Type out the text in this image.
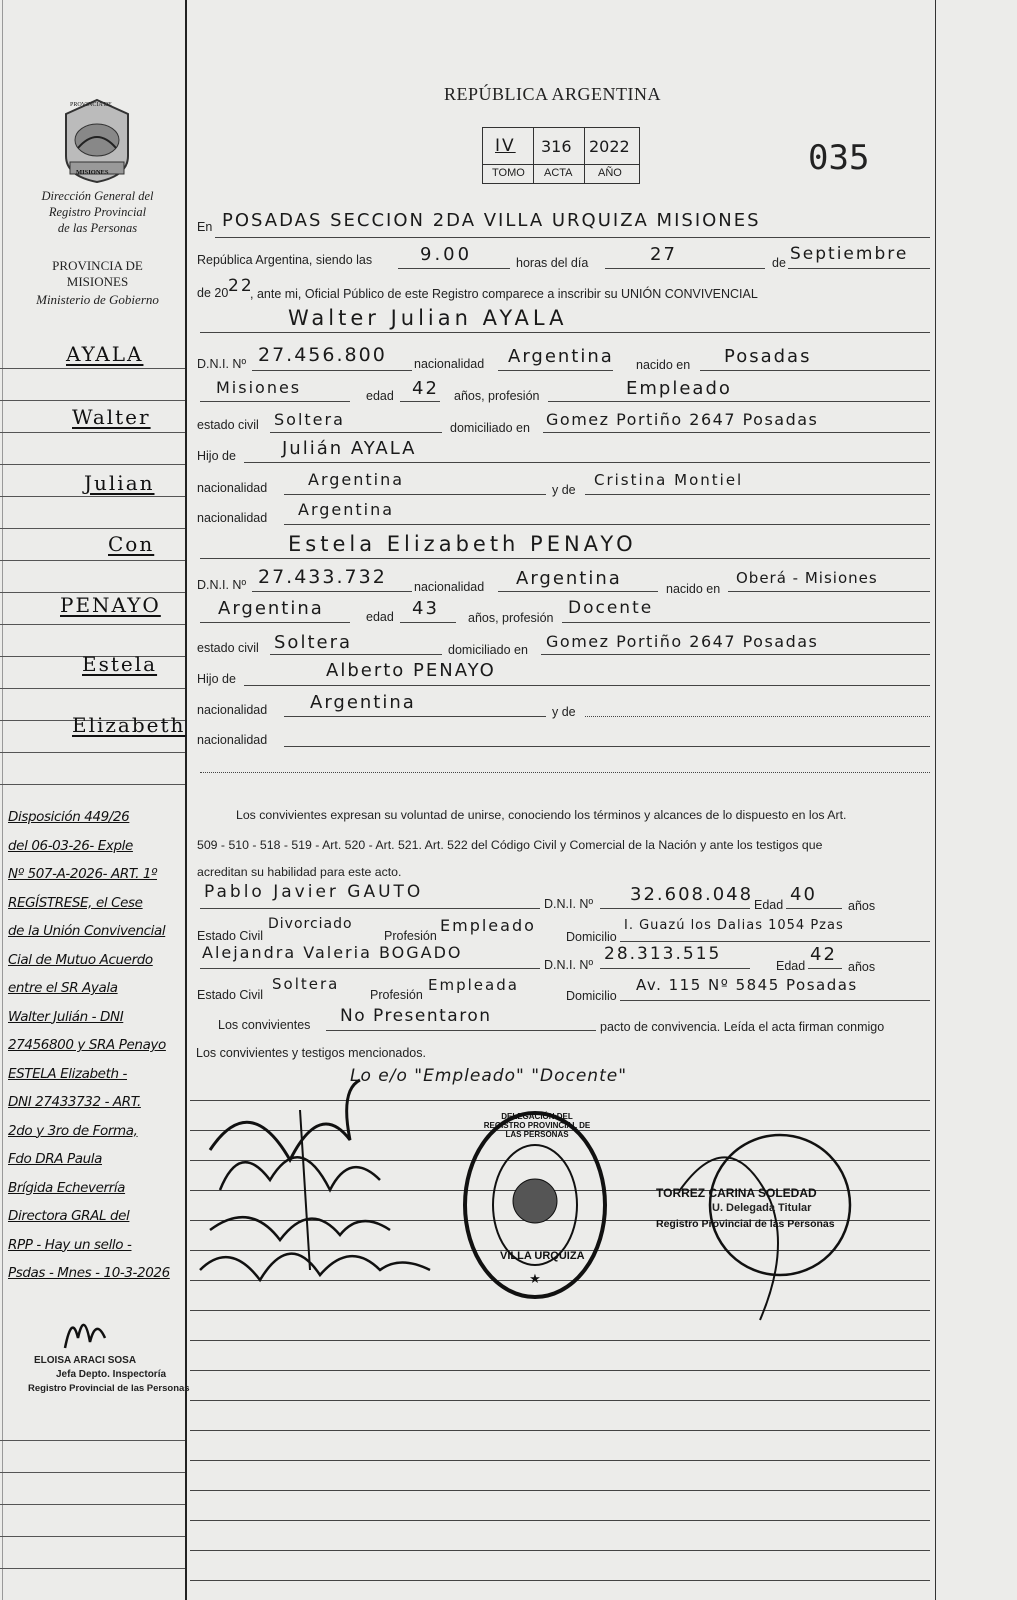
PROVINCIA DE
MISIONES
Dirección General del
Registro Provincial
de las Personas
PROVINCIA DE
MISIONES
Ministerio de Gobierno
AYALA
Walter
Julian
Con
PENAYO
Estela
Elizabeth
Disposición 449/26
del 06-03-26- Exple
Nº 507-A-2026- ART. 1º
REGÍSTRESE, el Cese
de la Unión Convivencial
Cial de Mutuo Acuerdo
entre el SR Ayala
Walter Julián - DNI
27456800 y SRA Penayo
ESTELA Elizabeth -
DNI 27433732 - ART.
2do y 3ro de Forma,
Fdo DRA Paula
Brígida Echeverría
Directora GRAL del
RPP - Hay un sello -
Psdas - Mnes - 10-3-2026
ELOISA ARACI SOSA
Jefa Depto. Inspectoría
Registro Provincial de las Personas
REPÚBLICA ARGENTINA
IV 316 2022
TOMO ACTA AÑO	035
En POSADAS SECCION 2DA VILLA URQUIZA MISIONES
República Argentina, siendo las	9.00	horas del día	27	de Septiembre
de 20 22
, ante mi, Oficial Público de este Registro comparece a inscribir su UNIÓN CONVIVENCIAL
Walter Julian AYALA
D.N.I. Nº 27.456.800 nacionalidad Argentina nacido en Posadas
Misiones	edad 42 años, profesión	Empleado
estado civil Soltera	domiciliado en Gomez Portiño 2647 Posadas
Hijo de	Julián AYALA
nacionalidad	Argentina
y de
Cristina Montiel
nacionalidad Argentina
Estela Elizabeth PENAYO
D.N.I. Nº 27.433.732 nacionalidad Argentina	nacido en
Oberá - Misiones
Argentina	edad 43 años, profesión Docente
estado civil Soltera	domiciliado en Gomez Portiño 2647 Posadas
Hijo de	Alberto PENAYO
nacionalidad Argentina	y de
nacionalidad
Los convivientes expresan su voluntad de unirse, conociendo los términos y alcances de lo dispuesto en los Art.
509 - 510 - 518 - 519 - Art. 520 - Art. 521. Art. 522 del Código Civil y Comercial de la Nación y ante los testigos que
acreditan su habilidad para este acto.
Pablo Javier GAUTO
D.N.I. Nº 32.608.048 Edad 40
años
Estado Civil
Divorciado
Profesión
Empleado
Domicilio
I. Guazú los Dalias 1054 Pzas
Alejandra Valeria BOGADO
D.N.I. Nº
28.313.515
Edad
42
años
Estado Civil
Soltera
Profesión
Empleada
Domicilio
Av. 115 Nº 5845 Posadas
Los convivientes No Presentaron
pacto de convivencia. Leída el acta firman conmigo
Los convivientes y testigos mencionados.
Lo e/o "Empleado" "Docente"
★
DELEGACIÓN DEL REGISTRO PROVINCIAL DE LAS PERSONAS
VILLA URQUIZA
TORREZ CARINA SOLEDAD
U. Delegada Titular
Registro Provincial de las Personas
